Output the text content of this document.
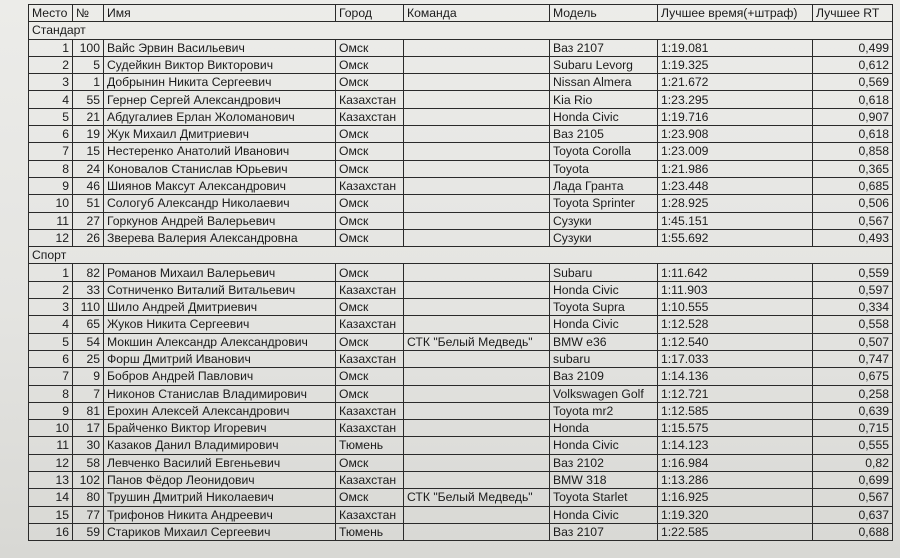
Место	№	Имя	Город	Команда	Модель	Лучшее время(+штраф)	Лучшее RT
Стандарт							
1	100	Вайс Эрвин Васильевич	Омск		Ваз 2107	1:19.081	0,499
2	5	Судейкин Виктор Викторович	Омск		Subaru Levorg	1:19.325	0,612
3	1	Добрынин Никита Сергеевич	Омск		Nissan Almera	1:21.672	0,569
4	55	Гернер Сергей Александрович	Казахстан		Kia Rio	1:23.295	0,618
5	21	Абдугалиев Ерлан Жоломанович	Казахстан		Honda Civic	1:19.716	0,907
6	19	Жук Михаил Дмитриевич	Омск		Ваз 2105	1:23.908	0,618
7	15	Нестеренко Анатолий Иванович	Омск		Toyota Corolla	1:23.009	0,858
8	24	Коновалов Станислав Юрьевич	Омск		Toyota	1:21.986	0,365
9	46	Шиянов Максут Александрович	Казахстан		Лада Гранта	1:23.448	0,685
10	51	Сологуб Александр Николаевич	Омск		Toyota Sprinter	1:28.925	0,506
11	27	Горкунов Андрей Валерьевич	Омск		Сузуки	1:45.151	0,567
12	26	Зверева Валерия Александровна	Омск		Сузуки	1:55.692	0,493
Спорт							
1	82	Романов Михаил Валерьевич	Омск		Subaru	1:11.642	0,559
2	33	Сотниченко Виталий Витальевич	Казахстан		Honda Civic	1:11.903	0,597
3	110	Шило Андрей Дмитриевич	Омск		Toyota Supra	1:10.555	0,334
4	65	Жуков Никита Сергеевич	Казахстан		Honda Civic	1:12.528	0,558
5	54	Мокшин Александр Александрович	Омск	СТК "Белый Медведь"	BMW e36	1:12.540	0,507
6	25	Форш Дмитрий Иванович	Казахстан		subaru	1:17.033	0,747
7	9	Бобров Андрей Павлович	Омск		Ваз 2109	1:14.136	0,675
8	7	Никонов Станислав Владимирович	Омск		Volkswagen Golf	1:12.721	0,258
9	81	Ерохин Алексей Александрович	Казахстан		Toyota mr2	1:12.585	0,639
10	17	Брайченко Виктор Игоревич	Казахстан		Honda	1:15.575	0,715
11	30	Казаков Данил Владимирович	Тюмень		Honda Civic	1:14.123	0,555
12	58	Левченко Василий Евгеньевич	Омск		Ваз 2102	1:16.984	0,82
13	102	Панов Фёдор Леонидович	Казахстан		BMW 318	1:13.286	0,699
14	80	Трушин Дмитрий Николаевич	Омск	СТК "Белый Медведь"	Toyota Starlet	1:16.925	0,567
15	77	Трифонов Никита Андреевич	Казахстан		Honda Civic	1:19.320	0,637
16	59	Стариков Михаил Сергеевич	Тюмень		Ваз 2107	1:22.585	0,688
